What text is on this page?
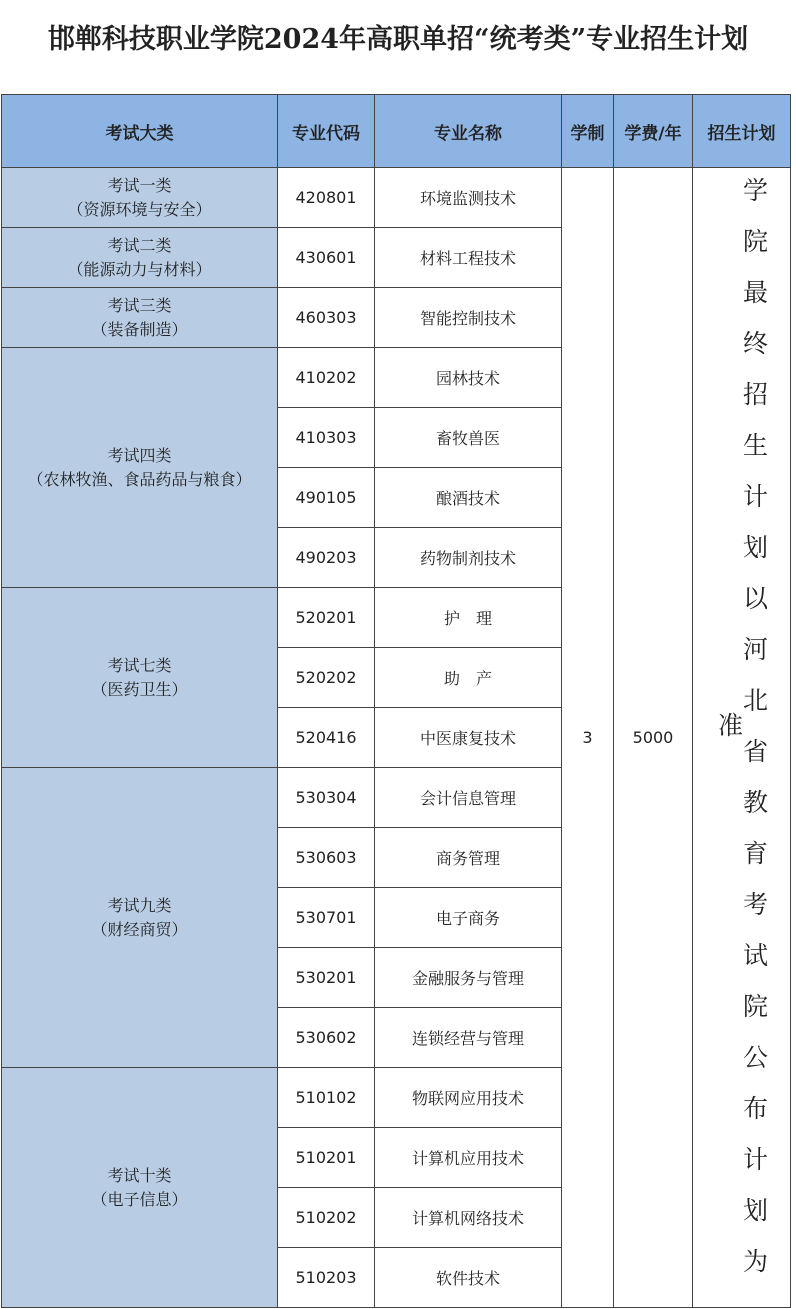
邯郸科技职业学院2024年高职单招“统考类”专业招生计划
考试大类	专业代码	专业名称	学制	学费/年	招生计划

考试一类
（资源环境与安全）	420801	环境监测技术	3	5000	学院最终招生计划以河北省教育考试院公布计划为准

考试二类
（能源动力与材料）	430601	材料工程技术			

考试三类
（装备制造）	460303	智能控制技术			

考试四类
（农林牧渔、食品药品与粮食）	410202	园林技术			
	410303	畜牧兽医			
	490105	酿酒技术			
	490203	药物制剂技术			

考试七类
（医药卫生）	520201	护　理			
	520202	助　产			
	520416	中医康复技术			

考试九类
（财经商贸）	530304	会计信息管理			
	530603	商务管理			
	530701	电子商务			
	530201	金融服务与管理			
	530602	连锁经营与管理			

考试十类
（电子信息）	510102	物联网应用技术			
	510201	计算机应用技术			
	510202	计算机网络技术			
	510203	软件技术			
